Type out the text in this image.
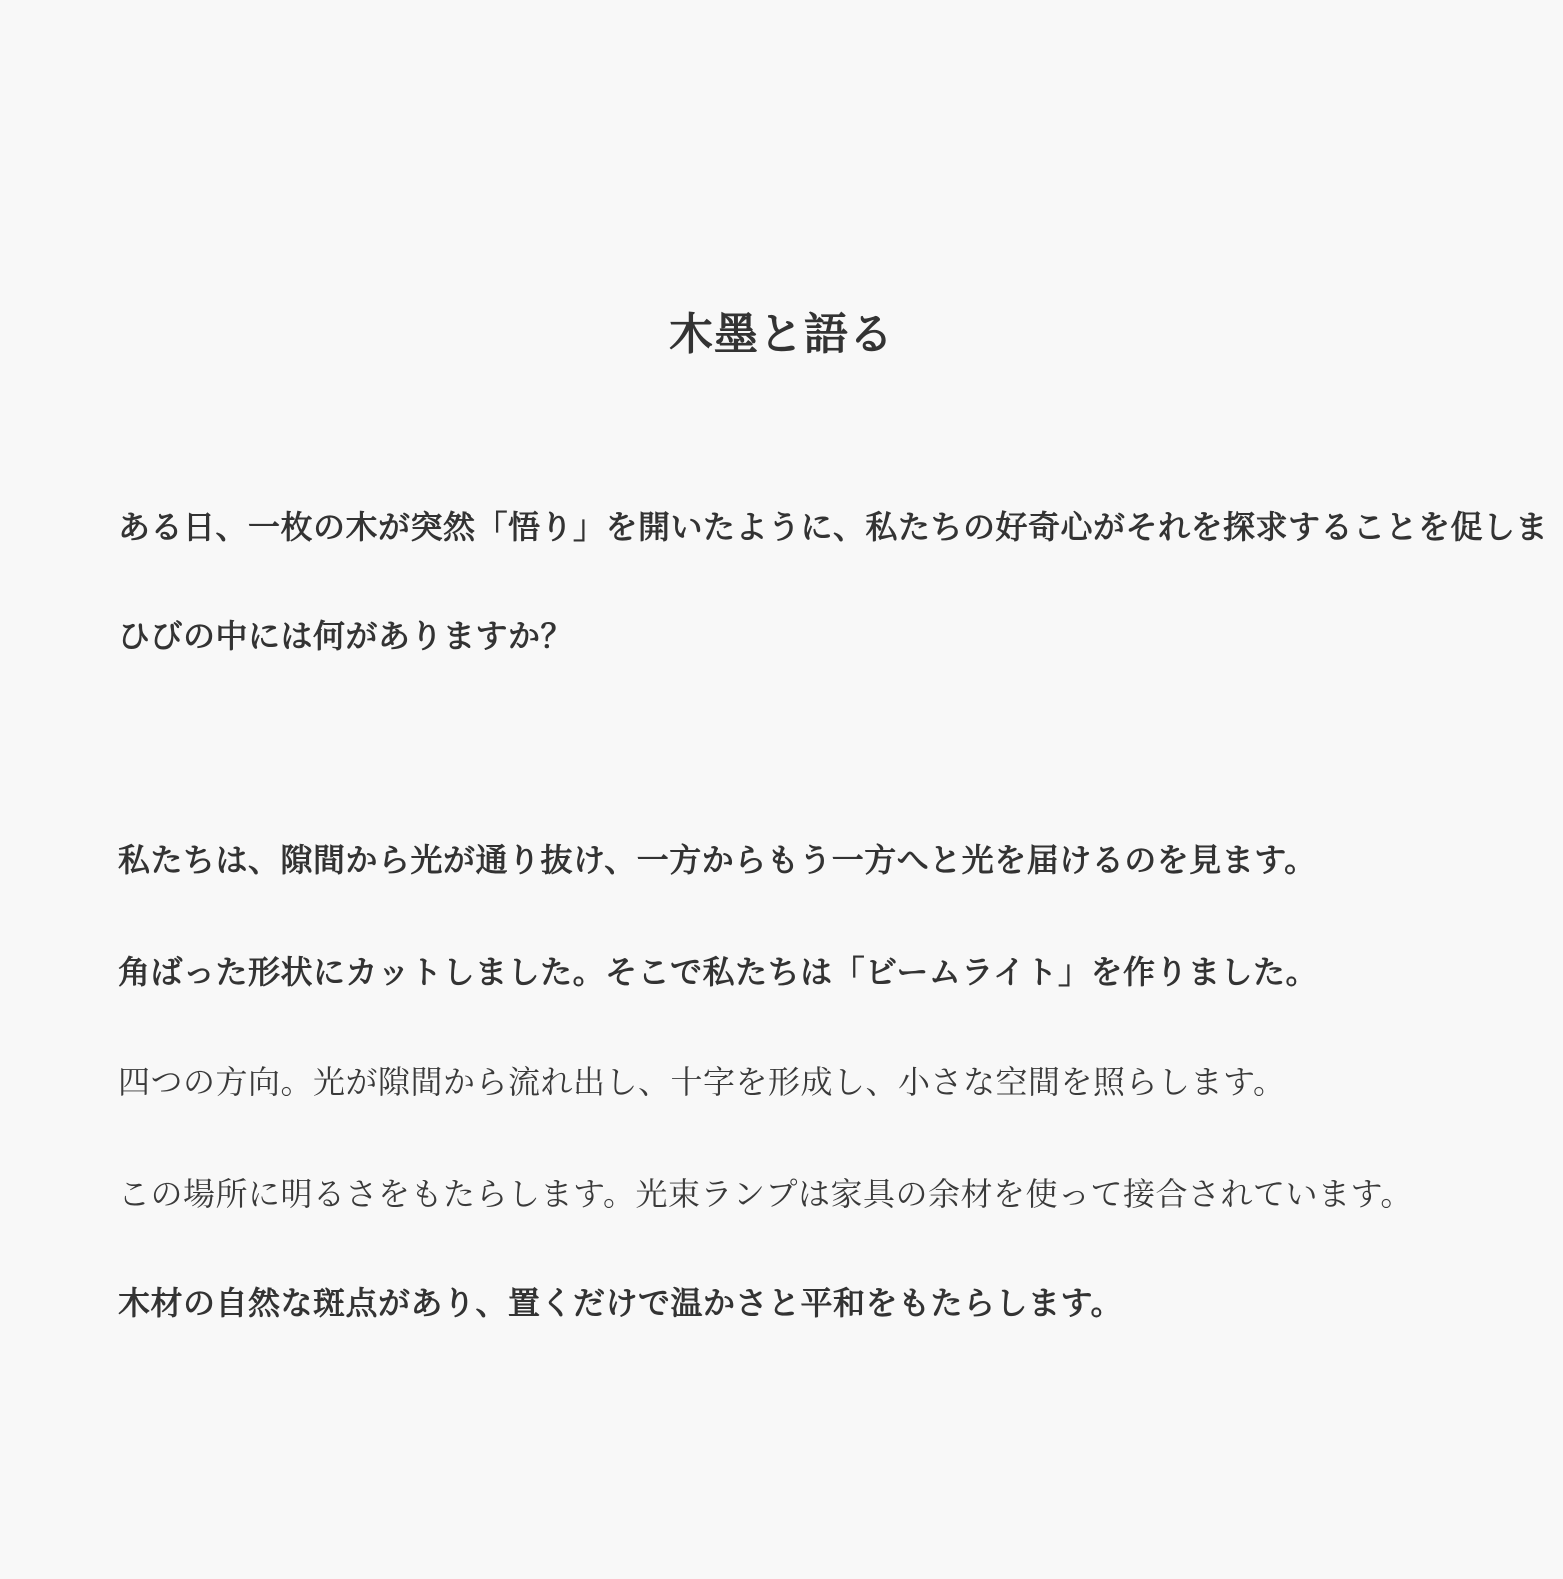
木墨と語る
ある日、一枚の木が突然「悟り」を開いたように、私たちの好奇心がそれを探求することを促しま
ひびの中には何がありますか？
私たちは、隙間から光が通り抜け、一方からもう一方へと光を届けるのを見ます。
角ばった形状にカットしました。そこで私たちは「ビームライト」を作りました。
四つの方向。光が隙間から流れ出し、十字を形成し、小さな空間を照らします。
この場所に明るさをもたらします。光束ランプは家具の余材を使って接合されています。
木材の自然な斑点があり、置くだけで温かさと平和をもたらします。
